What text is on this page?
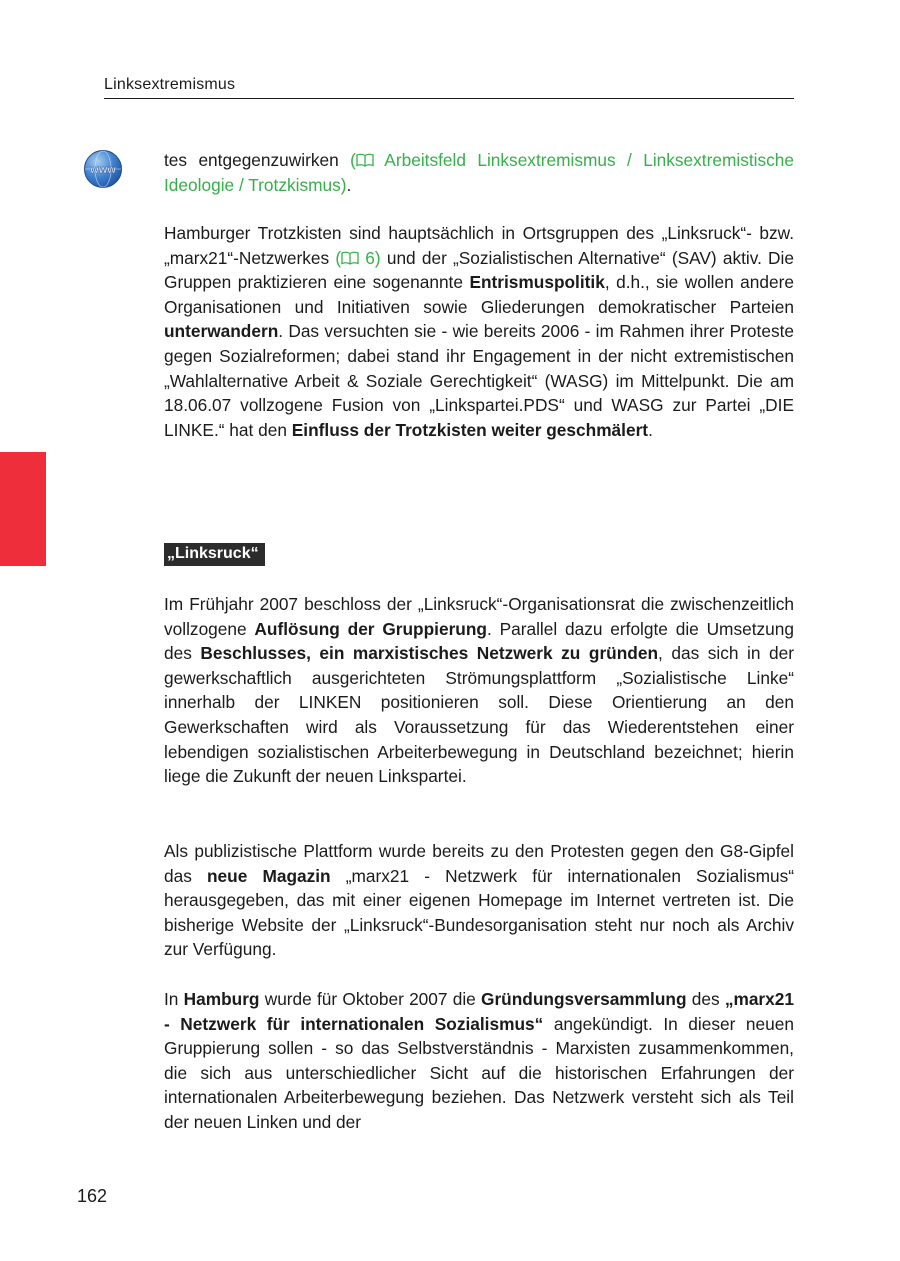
Linksextremismus
www	tes entgegenzuwirken ( Arbeitsfeld Linksextremismus / Linksextremistische Ideologie / Trotzkismus).
Hamburger Trotzkisten sind hauptsächlich in Ortsgruppen des „Linksruck“- bzw. „marx21“-Netzwerkes ( 6) und der „Sozialistischen Alternative“ (SAV) aktiv. Die Gruppen praktizieren eine sogenannte Entrismuspolitik, d.h., sie wollen andere Organisationen und Initiativen sowie Gliederungen demokratischer Parteien unterwandern. Das versuchten sie - wie bereits 2006 - im Rahmen ihrer Proteste gegen Sozialreformen; dabei stand ihr Engagement in der nicht extremistischen „Wahlalternative Arbeit & Soziale Gerechtigkeit“ (WASG) im Mittelpunkt. Die am 18.06.07 vollzogene Fusion von „Linkspartei.PDS“ und WASG zur Partei „DIE LINKE.“ hat den Einfluss der Trotzkisten weiter geschmälert.
„Linksruck“
Im Frühjahr 2007 beschloss der „Linksruck“-Organisationsrat die zwischenzeitlich vollzogene Auflösung der Gruppierung. Parallel dazu erfolgte die Umsetzung des Beschlusses, ein marxistisches Netzwerk zu gründen, das sich in der gewerkschaftlich ausgerichteten Strömungsplattform „Sozialistische Linke“ innerhalb der LINKEN positionieren soll. Diese Orientierung an den Gewerkschaften wird als Voraussetzung für das Wiederentstehen einer lebendigen sozialistischen Arbeiterbewegung in Deutschland bezeichnet; hierin liege die Zukunft der neuen Linkspartei.
Als publizistische Plattform wurde bereits zu den Protesten gegen den G8-Gipfel das neue Magazin „marx21 - Netzwerk für internationalen Sozialismus“ herausgegeben, das mit einer eigenen Homepage im Internet vertreten ist. Die bisherige Website der „Linksruck“-Bundesorganisation steht nur noch als Archiv zur Verfügung.
In Hamburg wurde für Oktober 2007 die Gründungsversammlung des „marx21 - Netzwerk für internationalen Sozialismus“ angekündigt. In dieser neuen Gruppierung sollen - so das Selbstverständnis - Marxisten zusammenkommen, die sich aus unterschiedlicher Sicht auf die historischen Erfahrungen der internationalen Arbeiterbewegung beziehen. Das Netzwerk versteht sich als Teil der neuen Linken und der
162
